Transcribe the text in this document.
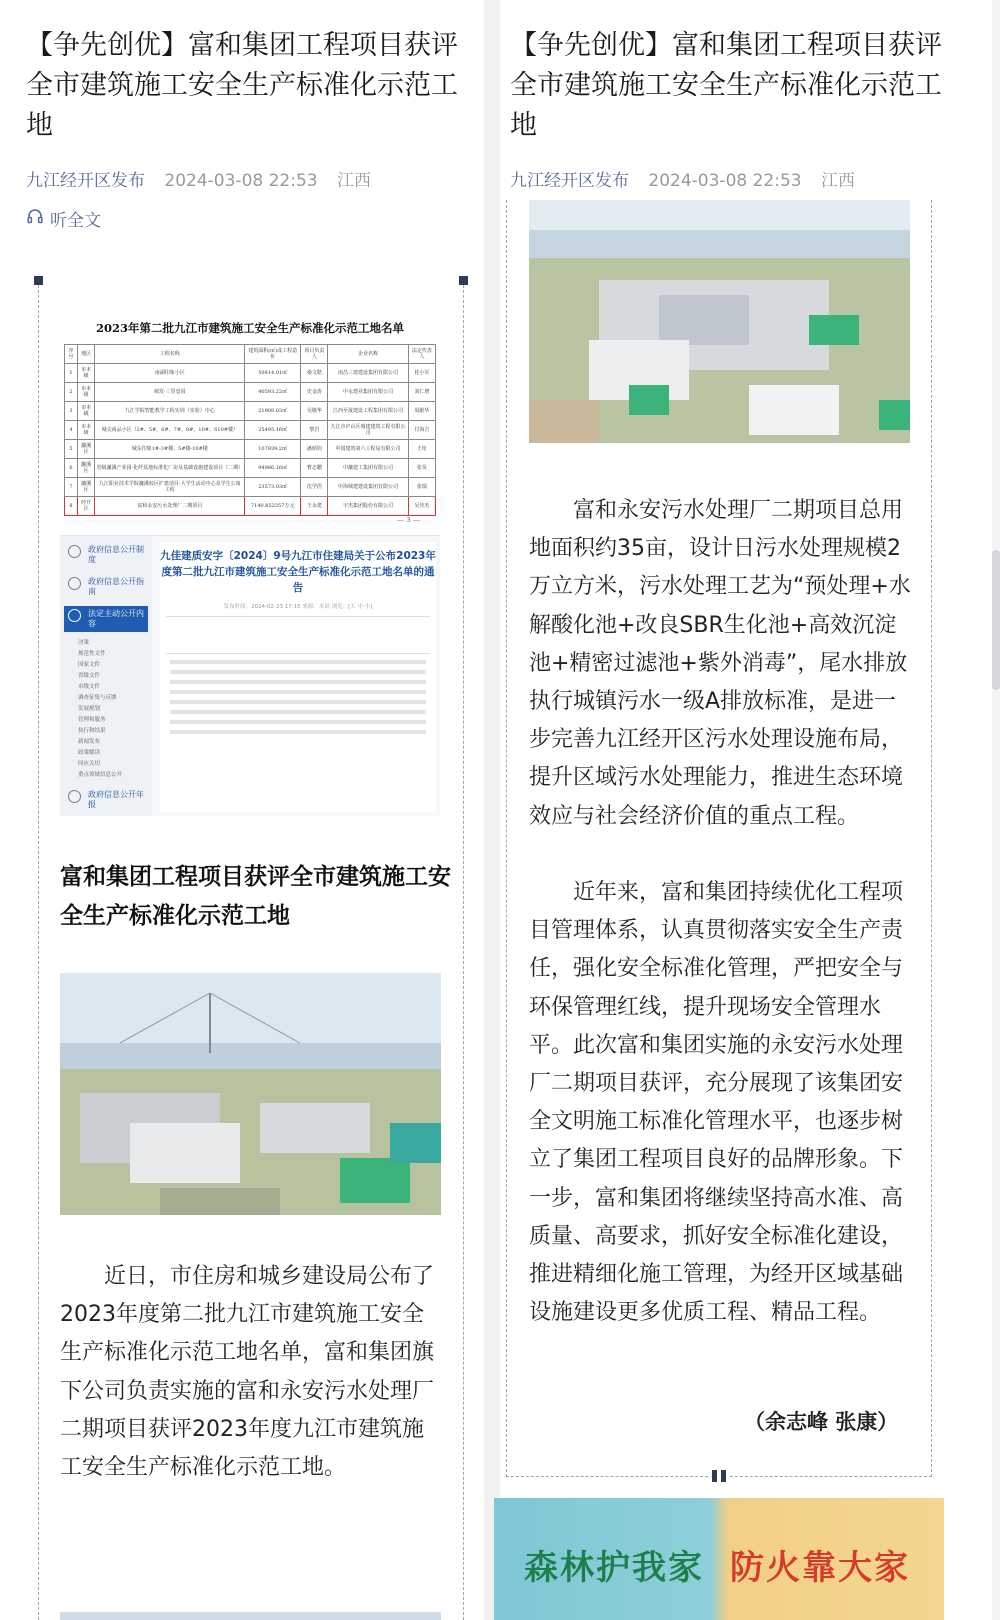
【争先创优】富和集团工程项目获评全市建筑施工安全生产标准化示范工地
九江经开区发布 2024-03-08 22:53 江西
听全文
2023年第二批九江市建筑施工安全生产标准化示范工地名单
序号	地区	工程名称	建筑面积(㎡)或工程造价	项目负责人	企业名称	法定代表人
1	市本级	南湖印象小区	50814.01㎡	桑文皓	南昌三建建设集团有限公司	桂小军
2	市本级	城发·三里壹园	40593.22㎡	史金涛	中永建业集团有限公司	刘仁增
3	市本级	九江学院智能教学工程实训（实验）中心	21908.03㎡	吴敬华	江西至晟建设工程集团有限公司	周献华
4	市本级	城尖商品小区（2#、5#、6#、7#、8#、10#、S10#楼）	25495.16㎡	黎岩	九江市庐山区城建建筑工程有限公司	付海吉
5	濂溪区	城东印象1#-3#楼、5#楼-10#楼	107939.2㎡	潘炳钧	中国建筑第六工程局有限公司	王珩
6	濂溪区	省级濂溪产业园-化纤基地标准化厂房及基础设施建设项目（二期）	94986.16㎡	曹志鹏	中濂建工集团有限公司	张昊
7	濂溪区	九江职业技术学院濂溪校区扩建项目-大学生活动中心及学生公寓工程	23573.03㎡	沈学浩	中海城建建设集团有限公司	张瑞
8	经开区	富和永安污水处理厂二期项目	7140.852357万元	王永建	宇杰集团股份有限公司	吴佳杰
— 3 —
政府信息公开制度
政府信息公开指南
法定主动公开内容
决策
规范性文件
国家文件
省级文件
市级文件
调查征集与反馈
发展规划
管理和服务
执行和结果
新闻发布
政策解读
回应关切
重点领域信息公开
政府信息公开年报
九佳建质安字〔2024〕9号九江市住建局关于公布2023年度第二批九江市建筑施工安全生产标准化示范工地名单的通告
发布时间：2024-02-23 17:15 来源：本站 浏览：[大 中 小]
富和集团工程项目获评全市建筑施工安全生产标准化示范工地

近日，市住房和城乡建设局公布了2023年度第二批九江市建筑施工安全生产标准化示范工地名单，富和集团旗下公司负责实施的富和永安污水处理厂二期项目获评2023年度九江市建筑施工安全生产标准化示范工地。

【争先创优】富和集团工程项目获评全市建筑施工安全生产标准化示范工地
九江经开区发布 2024-03-08 22:53 江西

富和永安污水处理厂二期项目总用地面积约35亩，设计日污水处理规模2万立方米，污水处理工艺为“预处理+水解酸化池+改良SBR生化池+高效沉淀池+精密过滤池+紫外消毒”，尾水排放执行城镇污水一级A排放标准，是进一步完善九江经开区污水处理设施布局，提升区域污水处理能力，推进生态环境效应与社会经济价值的重点工程。

近年来，富和集团持续优化工程项目管理体系，认真贯彻落实安全生产责任，强化安全标准化管理，严把安全与环保管理红线，提升现场安全管理水平。此次富和集团实施的永安污水处理厂二期项目获评，充分展现了该集团安全文明施工标准化管理水平，也逐步树立了集团工程项目良好的品牌形象。下一步，富和集团将继续坚持高水准、高质量、高要求，抓好安全标准化建设，推进精细化施工管理，为经开区域基础设施建设更多优质工程、精品工程。

（余志峰 张康）
森林护我家 防火靠大家
